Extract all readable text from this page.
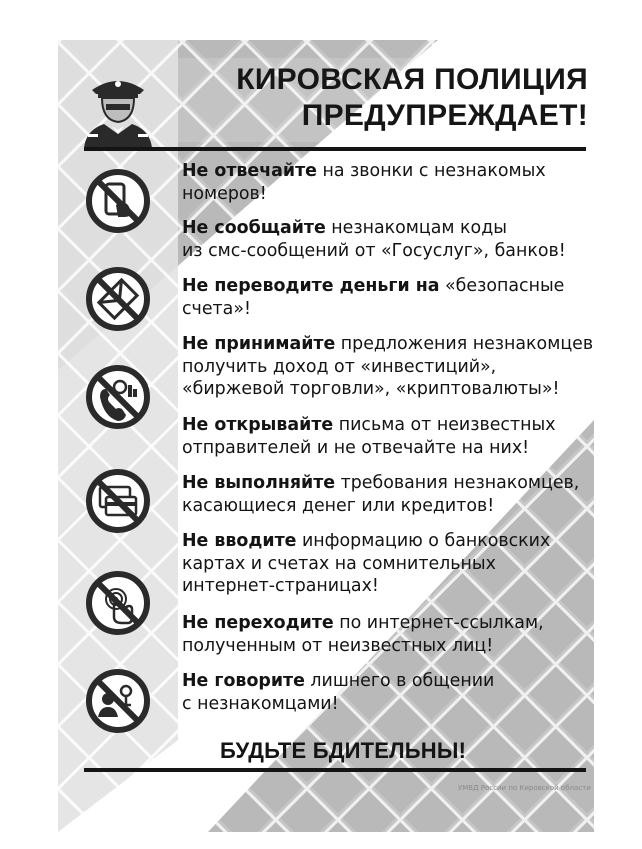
КИРОВСКАЯ ПОЛИЦИЯ
ПРЕДУПРЕЖДАЕТ!
Не отвечайте на звонки с незнакомых
номеров!
Не сообщайте незнакомцам коды
из смс-сообщений от «Госуслуг», банков!
Не переводите деньги на «безопасные
счета»!
Не принимайте предложения незнакомцев
получить доход от «инвестиций»,
«биржевой торговли», «криптовалюты»!
Не открывайте письма от неизвестных
отправителей и не отвечайте на них!
Не выполняйте требования незнакомцев,
касающиеся денег или кредитов!
Не вводите информацию о банковских
картах и счетах на сомнительных
интернет-страницах!
Не переходите по интернет-ссылкам,
полученным от неизвестных лиц!
Не говорите лишнего в общении
с незнакомцами!
БУДЬТЕ БДИТЕЛЬНЫ!
УМВД России по Кировской области
